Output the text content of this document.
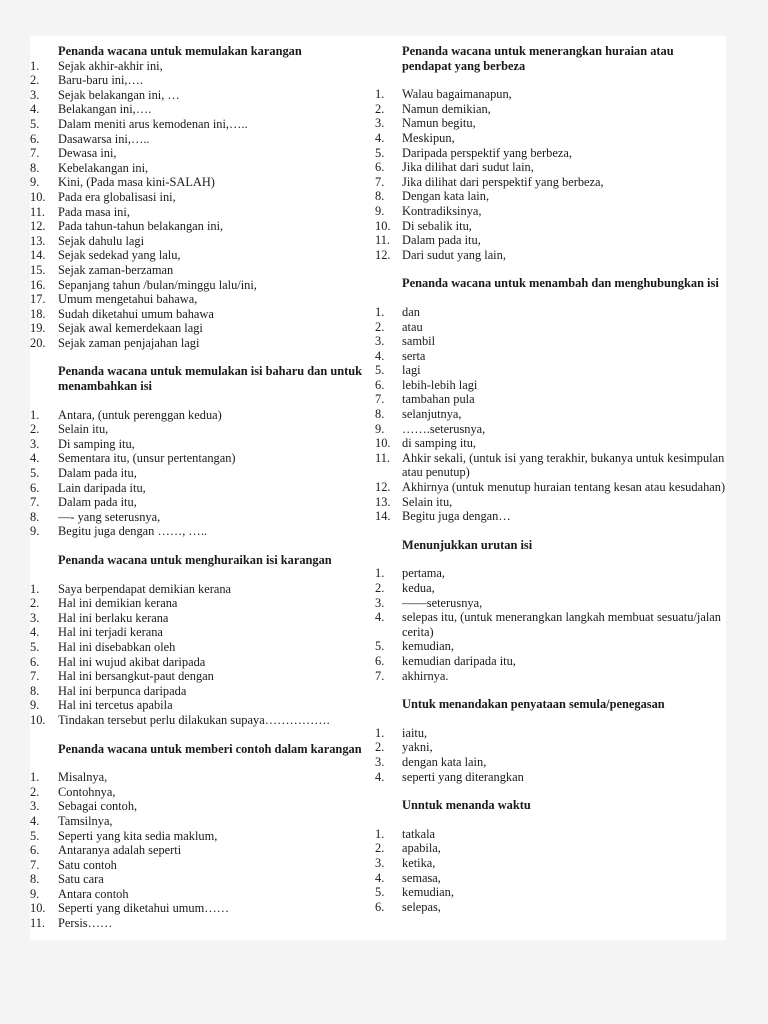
Penanda wacana untuk memulakan karangan
1.	Sejak akhir-akhir ini,
2.	Baru-baru ini,….
3.	Sejak belakangan ini, …
4.	Belakangan ini,….
5.	Dalam meniti arus kemodenan ini,…..
6.	Dasawarsa ini,…..
7.	Dewasa ini,
8.	Kebelakangan ini,
9.	Kini, (Pada masa kini-SALAH)
10.	Pada era globalisasi ini,
11.	Pada masa ini,
12.	Pada tahun-tahun belakangan ini,
13.	Sejak dahulu lagi
14.	Sejak sedekad yang lalu,
15.	Sejak zaman-berzaman
16.	Sepanjang tahun /bulan/minggu lalu/ini,
17.	Umum mengetahui bahawa,
18.	Sudah diketahui umum bahawa
19.	Sejak awal kemerdekaan lagi
20.	Sejak zaman penjajahan lagi
Penanda wacana untuk memulakan isi baharu dan untuk menambahkan isi
1.	Antara, (untuk perenggan kedua)
2.	Selain itu,
3.	Di samping itu,
4.	Sementara itu, (unsur pertentangan)
5.	Dalam pada itu,
6.	Lain daripada itu,
7.	Dalam pada itu,
8.	—- yang seterusnya,
9.	Begitu juga dengan ……, …..
Penanda wacana untuk menghuraikan isi karangan
1.	Saya berpendapat demikian kerana
2.	Hal ini demikian kerana
3.	Hal ini berlaku kerana
4.	Hal ini terjadi kerana
5.	Hal ini disebabkan oleh
6.	Hal ini wujud akibat daripada
7.	Hal ini bersangkut-paut dengan
8.	Hal ini berpunca daripada
9.	Hal ini tercetus apabila
10.	Tindakan tersebut perlu dilakukan supaya…………….
Penanda wacana untuk memberi contoh dalam karangan
1.	Misalnya,
2.	Contohnya,
3.	Sebagai contoh,
4.	Tamsilnya,
5.	Seperti yang kita sedia maklum,
6.	Antaranya adalah seperti
7.	Satu contoh
8.	Satu cara
9.	Antara contoh
10.	Seperti yang diketahui umum……
11.	Persis……
Penanda wacana untuk menerangkan huraian atau pendapat yang berbeza
1.	Walau bagaimanapun,
2.	Namun demikian,
3.	Namun begitu,
4.	Meskipun,
5.	Daripada perspektif yang berbeza,
6.	Jika dilihat dari sudut lain,
7.	Jika dilihat dari perspektif yang berbeza,
8.	Dengan kata lain,
9.	Kontradiksinya,
10. Di sebalik itu,
11. Dalam pada itu,
12. Dari sudut yang lain,
Penanda wacana untuk menambah dan menghubungkan isi
1.	dan
2.	atau
3.	sambil
4.	serta
5.	lagi
6.	lebih-lebih lagi
7.	tambahan pula
8.	selanjutnya,
9.	…….seterusnya,
10. di samping itu,
11. Ahkir sekali, (untuk isi yang terakhir, bukanya untuk kesimpulan atau penutup)
12. Akhirnya (untuk menutup huraian tentang kesan atau kesudahan)
13. Selain itu,
14. Begitu juga dengan…
Menunjukkan urutan isi
1.	pertama,
2.	kedua,
3.	——seterusnya,
4.	selepas itu, (untuk menerangkan langkah membuat sesuatu/jalan cerita)
5.	kemudian,
6.	kemudian daripada itu,
7.	akhirnya.
Untuk menandakan penyataan semula/penegasan
1.	iaitu,
2.	yakni,
3.	dengan kata lain,
4.	seperti yang diterangkan
Unntuk menanda waktu
1.	tatkala
2.	apabila,
3.	ketika,
4.	semasa,
5.	kemudian,
6.	selepas,
